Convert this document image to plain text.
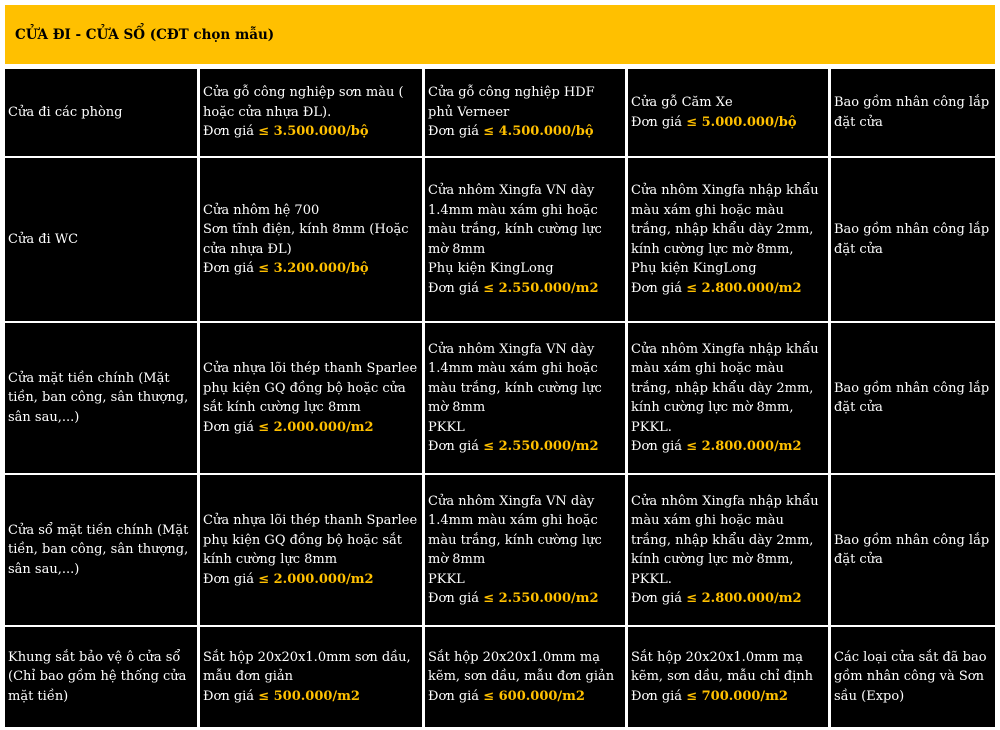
CỬA ĐI - CỬA SỔ (CĐT chọn mẫu)
Cửa đi các phòng
Cửa gỗ công nghiệp sơn màu ( hoặc cửa nhựa ĐL).
Đơn giá ≤ 3.500.000/bộ
Cửa gỗ công nghiệp HDF phủ Verneer
Đơn giá ≤ 4.500.000/bộ
Cửa gỗ Căm Xe
Đơn giá ≤ 5.000.000/bộ
Bao gồm nhân công lắp đặt cửa
Cửa đi WC
Cửa nhôm hệ 700
Sơn tĩnh điện, kính 8mm (Hoặc cửa nhựa ĐL)
Đơn giá ≤ 3.200.000/bộ
Cửa nhôm Xingfa VN dày 1.4mm màu xám ghi hoặc màu trắng, kính cường lực mờ 8mm
Phụ kiện KingLong
Đơn giá ≤ 2.550.000/m2
Cửa nhôm Xingfa nhập khẩu màu xám ghi hoặc màu trắng, nhập khẩu dày 2mm, kính cường lực mờ 8mm,
Phụ kiện KingLong
Đơn giá ≤ 2.800.000/m2
Bao gồm nhân công lắp đặt cửa
Cửa mặt tiền chính (Mặt tiền, ban công, sân thượng, sân sau,...)
Cửa nhựa lõi thép thanh Sparlee phụ kiện GQ đồng bộ hoặc cửa sắt kính cường lực 8mm
Đơn giá ≤ 2.000.000/m2
Cửa nhôm Xingfa VN dày 1.4mm màu xám ghi hoặc màu trắng, kính cường lực mờ 8mm
PKKL
Đơn giá ≤ 2.550.000/m2
Cửa nhôm Xingfa nhập khẩu màu xám ghi hoặc màu trắng, nhập khẩu dày 2mm, kính cường lực mờ 8mm,
PKKL.
Đơn giá ≤ 2.800.000/m2
Bao gồm nhân công lắp đặt cửa
Cửa sổ mặt tiền chính (Mặt tiền, ban công, sân thượng, sân sau,...)
Cửa nhựa lõi thép thanh Sparlee phụ kiện GQ đồng bộ hoặc sắt kính cường lực 8mm
Đơn giá ≤ 2.000.000/m2
Cửa nhôm Xingfa VN dày 1.4mm màu xám ghi hoặc màu trắng, kính cường lực mờ 8mm
PKKL
Đơn giá ≤ 2.550.000/m2
Cửa nhôm Xingfa nhập khẩu màu xám ghi hoặc màu trắng, nhập khẩu dày 2mm, kính cường lực mờ 8mm,
PKKL.
Đơn giá ≤ 2.800.000/m2
Bao gồm nhân công lắp đặt cửa
Khung sắt bảo vệ ô cửa sổ (Chỉ bao gồm hệ thống cửa mặt tiền)
Sắt hộp 20x20x1.0mm sơn dầu, mẫu đơn giản
Đơn giá ≤ 500.000/m2
Sắt hộp 20x20x1.0mm mạ kẽm, sơn dầu, mẫu đơn giản
Đơn giá ≤ 600.000/m2
Sắt hộp 20x20x1.0mm mạ kẽm, sơn dầu, mẫu chỉ định
Đơn giá ≤ 700.000/m2
Các loại cửa sắt đã bao gồm nhân công và Sơn sầu (Expo)
